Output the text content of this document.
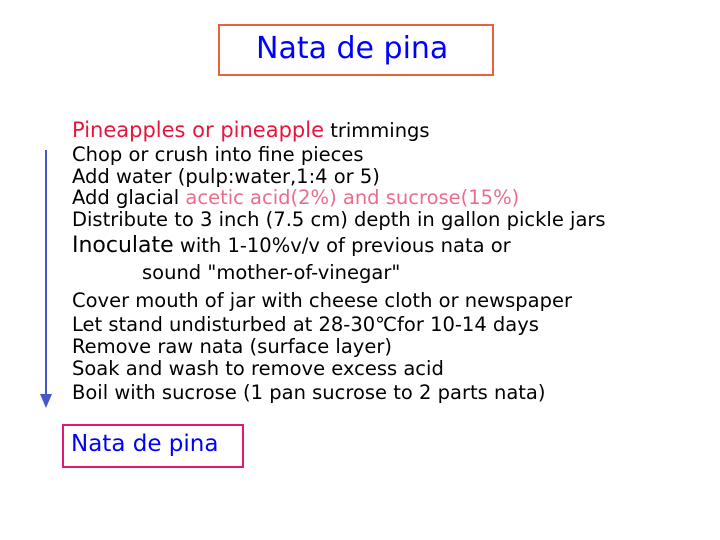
Nata de pina
Pineapples or pineapple trimmings
Chop or crush into fine pieces
Add water (pulp:water,1:4 or 5)
Add glacial acetic acid(2%) and sucrose(15%)
Distribute to 3 inch (7.5 cm) depth in gallon pickle jars
Inoculate with 1-10%v/v of previous nata or
sound "mother-of-vinegar"
Cover mouth of jar with cheese cloth or newspaper
Let stand undisturbed at 28-30℃for 10-14 days
Remove raw nata (surface layer)
Soak and wash to remove excess acid
Boil with sucrose (1 pan sucrose to 2 parts nata)
Nata de pina
